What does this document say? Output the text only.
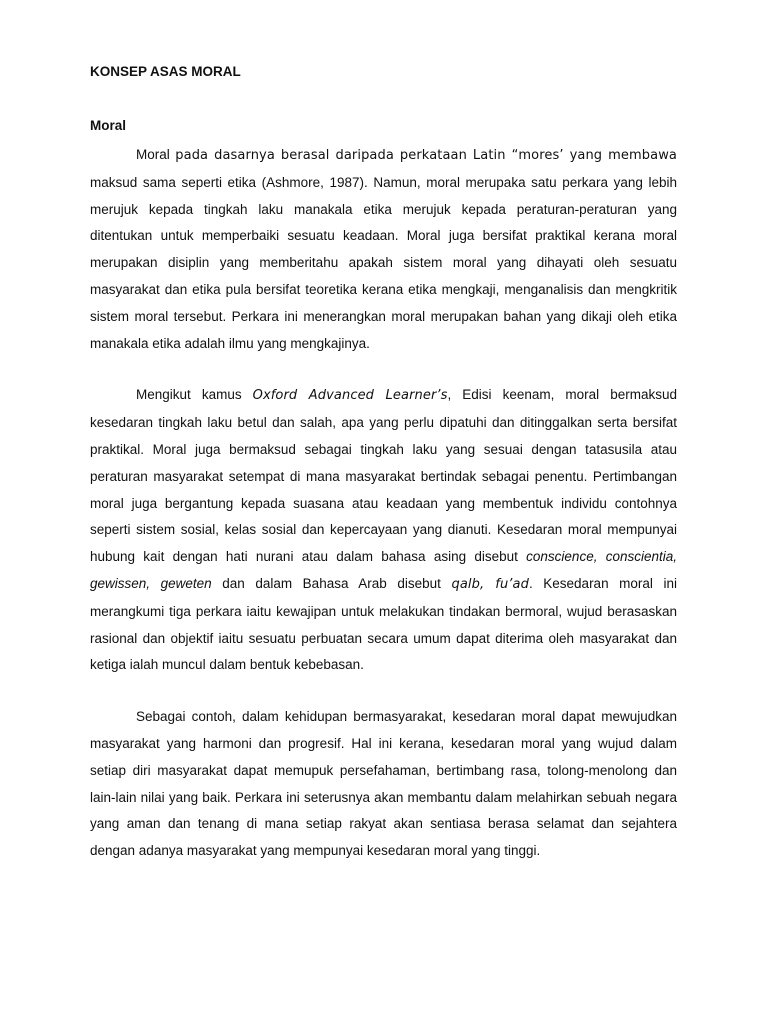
KONSEP ASAS MORAL
Moral

Moral pada dasarnya berasal daripada perkataan Latin “mores’ yang membawa maksud sama seperti etika (Ashmore, 1987). Namun, moral merupaka satu perkara yang lebih merujuk kepada tingkah laku manakala etika merujuk kepada peraturan-peraturan yang ditentukan untuk memperbaiki sesuatu keadaan. Moral juga bersifat praktikal kerana moral merupakan disiplin yang memberitahu apakah sistem moral yang dihayati oleh sesuatu masyarakat dan etika pula bersifat teoretika kerana etika mengkaji, menganalisis dan mengkritik sistem moral tersebut. Perkara ini menerangkan moral merupakan bahan yang dikaji oleh etika manakala etika adalah ilmu yang mengkajinya.

Mengikut kamus Oxford Advanced Learner’s, Edisi keenam, moral bermaksud kesedaran tingkah laku betul dan salah, apa yang perlu dipatuhi dan ditinggalkan serta bersifat praktikal. Moral juga bermaksud sebagai tingkah laku yang sesuai dengan tatasusila atau peraturan masyarakat setempat di mana masyarakat bertindak sebagai penentu. Pertimbangan moral juga bergantung kepada suasana atau keadaan yang membentuk individu contohnya seperti sistem sosial, kelas sosial dan kepercayaan yang dianuti. Kesedaran moral mempunyai hubung kait dengan hati nurani atau dalam bahasa asing disebut conscience, conscientia, gewissen, geweten dan dalam Bahasa Arab disebut qalb, fu’ad. Kesedaran moral ini merangkumi tiga perkara iaitu kewajipan untuk melakukan tindakan bermoral, wujud berasaskan rasional dan objektif iaitu sesuatu perbuatan secara umum dapat diterima oleh masyarakat dan ketiga ialah muncul dalam bentuk kebebasan.

Sebagai contoh, dalam kehidupan bermasyarakat, kesedaran moral dapat mewujudkan masyarakat yang harmoni dan progresif. Hal ini kerana, kesedaran moral yang wujud dalam setiap diri masyarakat dapat memupuk persefahaman, bertimbang rasa, tolong-menolong dan lain-lain nilai yang baik. Perkara ini seterusnya akan membantu dalam melahirkan sebuah negara yang aman dan tenang di mana setiap rakyat akan sentiasa berasa selamat dan sejahtera dengan adanya masyarakat yang mempunyai kesedaran moral yang tinggi.
